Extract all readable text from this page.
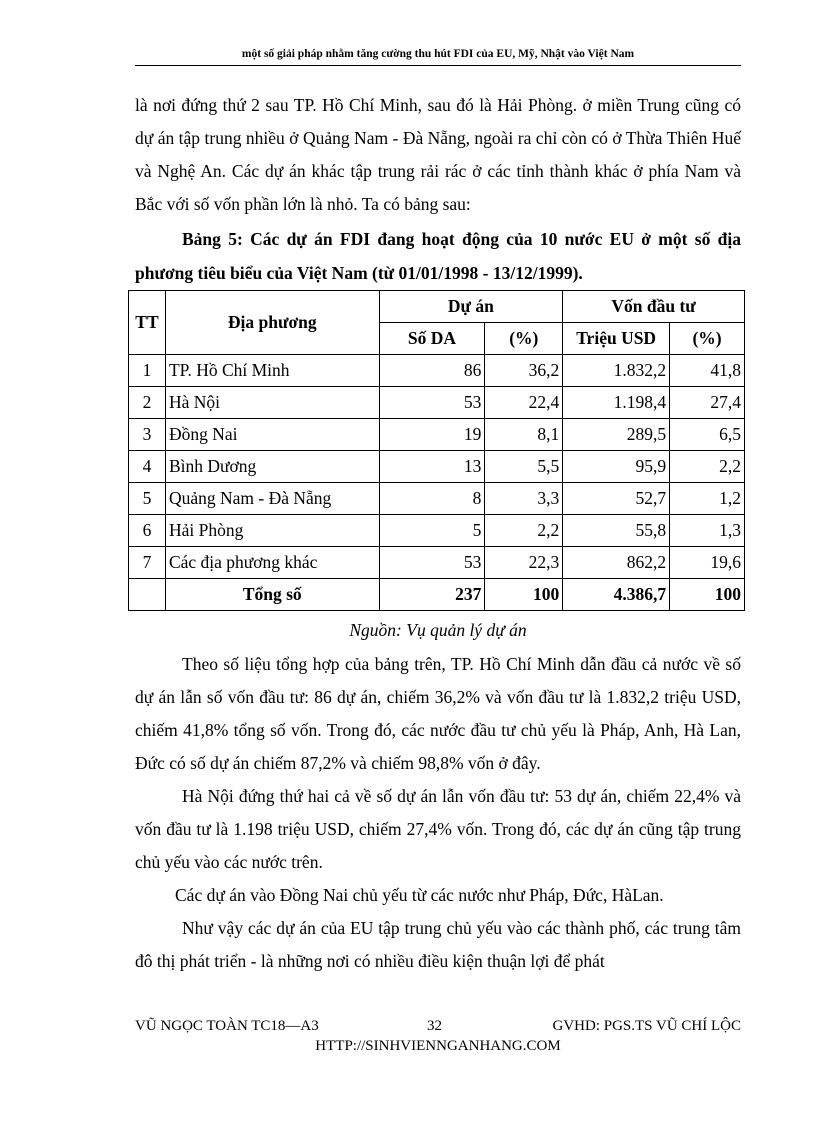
một số giải pháp nhằm tăng cường thu hút FDI của EU, Mỹ, Nhật vào Việt Nam

là nơi đứng thứ 2 sau TP. Hồ Chí Minh, sau đó là Hải Phòng. ở miền Trung cũng có dự án tập trung nhiều ở Quảng Nam - Đà Nẵng, ngoài ra chỉ còn có ở Thừa Thiên Huế và Nghệ An. Các dự án khác tập trung rải rác ở các tỉnh thành khác ở phía Nam và Bắc với số vốn phần lớn là nhỏ. Ta có bảng sau:

Bảng 5: Các dự án FDI đang hoạt động của 10 nước EU ở một số địa phương tiêu biểu của Việt Nam (từ 01/01/1998 - 13/12/1999).
TT	Địa phương	Dự án		Vốn đầu tư	
		Số DA	(%)	Triệu USD	(%)
1	TP. Hồ Chí Minh	86	36,2	1.832,2	41,8
2	Hà Nội	53	22,4	1.198,4	27,4
3	Đồng Nai	19	8,1	289,5	6,5
4	Bình Dương	13	5,5	95,9	2,2
5	Quảng Nam - Đà Nẵng	8	3,3	52,7	1,2
6	Hải Phòng	5	2,2	55,8	1,3
7	Các địa phương khác	53	22,3	862,2	19,6
	Tổng số	237	100	4.386,7	100
Nguồn: Vụ quản lý dự án

Theo số liệu tổng hợp của bảng trên, TP. Hồ Chí Minh dẫn đầu cả nước về số dự án lẫn số vốn đầu tư: 86 dự án, chiếm 36,2% và vốn đầu tư là 1.832,2 triệu USD, chiếm 41,8% tổng số vốn. Trong đó, các nước đầu tư chủ yếu là Pháp, Anh, Hà Lan, Đức có số dự án chiếm 87,2% và chiếm 98,8% vốn ở đây.

Hà Nội đứng thứ hai cả về số dự án lẫn vốn đầu tư: 53 dự án, chiếm 22,4% và vốn đầu tư là 1.198 triệu USD, chiếm 27,4% vốn. Trong đó, các dự án cũng tập trung chủ yếu vào các nước trên.

Các dự án vào Đồng Nai chủ yếu từ các nước như Pháp, Đức, HàLan.

Như vậy các dự án của EU tập trung chủ yếu vào các thành phố, các trung tâm đô thị phát triển - là những nơi có nhiều điều kiện thuận lợi để phát

VŨ NGỌC TOÀN TC18—A3	32	GVHD: PGS.TS VŨ CHÍ LỘC
HTTP://SINHVIENNGANHANG.COM
